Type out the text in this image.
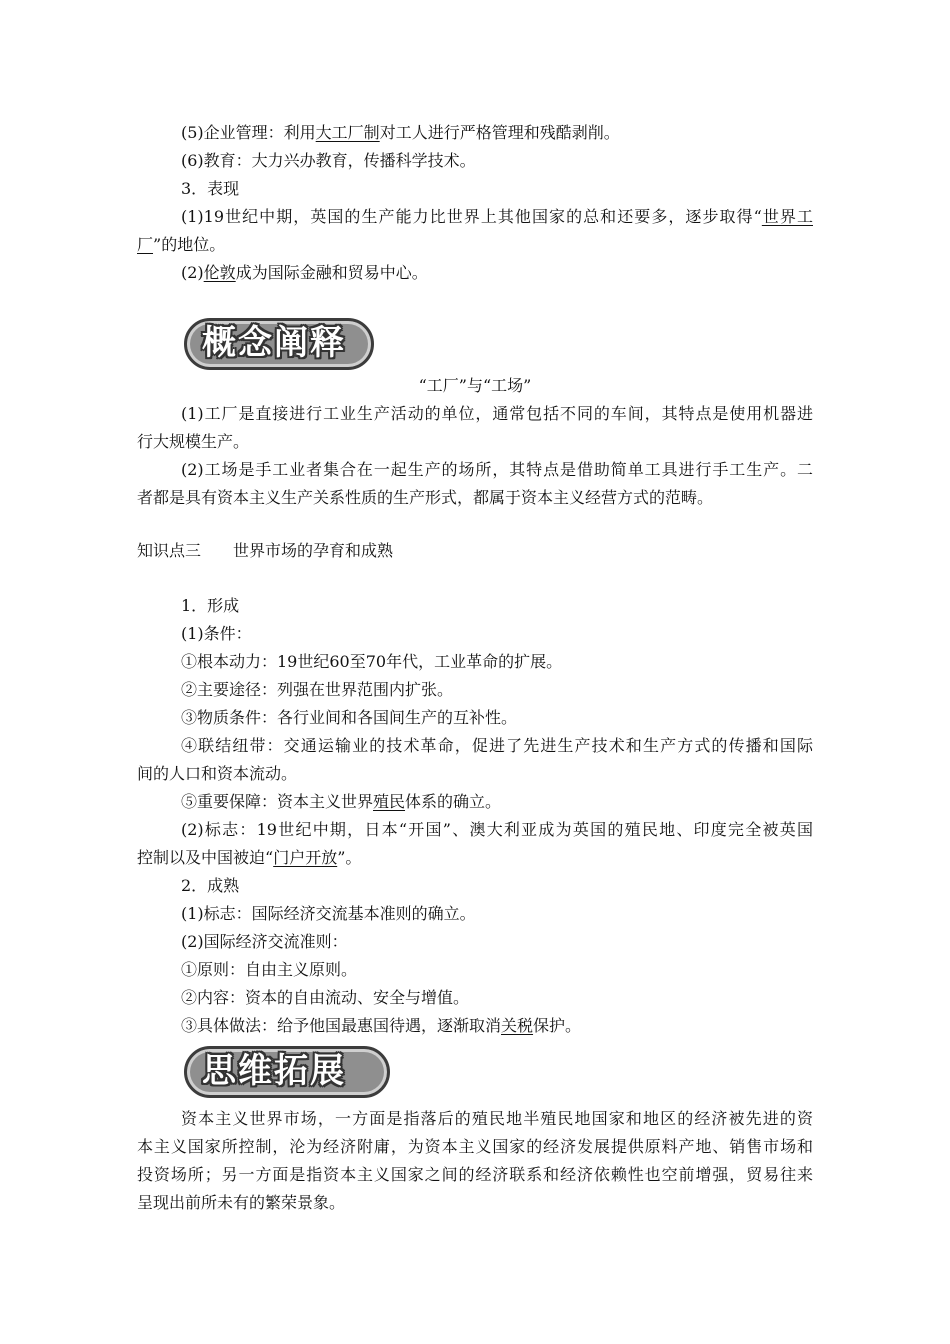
(5)企业管理：利用大工厂制对工人进行严格管理和残酷剥削。
(6)教育：大力兴办教育，传播科学技术。
3．表现
(1)19世纪中期，英国的生产能力比世界上其他国家的总和还要多，逐步取得“世界工
厂”的地位。
(2)伦敦成为国际金融和贸易中心。
概念阐释
“工厂”与“工场”
(1)工厂是直接进行工业生产活动的单位，通常包括不同的车间，其特点是使用机器进
行大规模生产。
(2)工场是手工业者集合在一起生产的场所，其特点是借助简单工具进行手工生产。二
者都是具有资本主义生产关系性质的生产形式，都属于资本主义经营方式的范畴。
知识点三　　世界市场的孕育和成熟
1．形成
(1)条件：
①根本动力：19世纪60至70年代，工业革命的扩展。
②主要途径：列强在世界范围内扩张。
③物质条件：各行业间和各国间生产的互补性。
④联结纽带：交通运输业的技术革命，促进了先进生产技术和生产方式的传播和国际
间的人口和资本流动。
⑤重要保障：资本主义世界殖民体系的确立。
(2)标志：19世纪中期，日本“开国”、澳大利亚成为英国的殖民地、印度完全被英国
控制以及中国被迫“门户开放”。
2．成熟
(1)标志：国际经济交流基本准则的确立。
(2)国际经济交流准则：
①原则：自由主义原则。
②内容：资本的自由流动、安全与增值。
③具体做法：给予他国最惠国待遇，逐渐取消关税保护。
思维拓展
资本主义世界市场，一方面是指落后的殖民地半殖民地国家和地区的经济被先进的资
本主义国家所控制，沦为经济附庸，为资本主义国家的经济发展提供原料产地、销售市场和
投资场所；另一方面是指资本主义国家之间的经济联系和经济依赖性也空前增强，贸易往来
呈现出前所未有的繁荣景象。
